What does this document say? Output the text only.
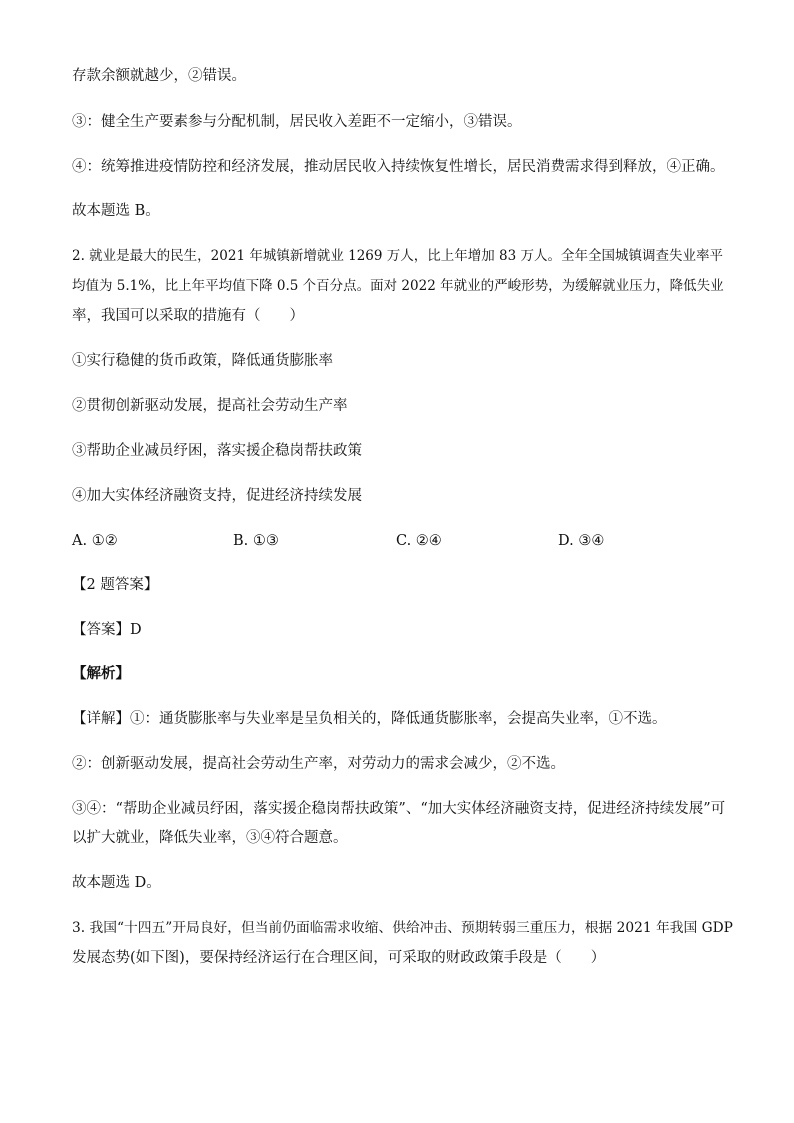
存款余额就越少，②错误。
③：健全生产要素参与分配机制，居民收入差距不一定缩小，③错误。
④：统筹推进疫情防控和经济发展，推动居民收入持续恢复性增长，居民消费需求得到释放，④正确。
故本题选 B。
2. 就业是最大的民生，2021 年城镇新增就业 1269 万人，比上年增加 83 万人。全年全国城镇调查失业率平
均值为 5.1%，比上年平均值下降 0.5 个百分点。面对 2022 年就业的严峻形势，为缓解就业压力，降低失业
率，我国可以采取的措施有（　　）
①实行稳健的货币政策，降低通货膨胀率
②贯彻创新驱动发展，提高社会劳动生产率
③帮助企业减员纾困，落实援企稳岗帮扶政策
④加大实体经济融资支持，促进经济持续发展
A. ①②	B. ①③	C. ②④	D. ③④
【2 题答案】
【答案】D
【解析】
【详解】①：通货膨胀率与失业率是呈负相关的，降低通货膨胀率，会提高失业率，①不选。
②：创新驱动发展，提高社会劳动生产率，对劳动力的需求会减少，②不选。
③④：“帮助企业减员纾困，落实援企稳岗帮扶政策”、“加大实体经济融资支持，促进经济持续发展”可
以扩大就业，降低失业率，③④符合题意。
故本题选 D。
3. 我国“十四五”开局良好，但当前仍面临需求收缩、供给冲击、预期转弱三重压力，根据 2021 年我国 GDP
发展态势(如下图)，要保持经济运行在合理区间，可采取的财政政策手段是（　　）
